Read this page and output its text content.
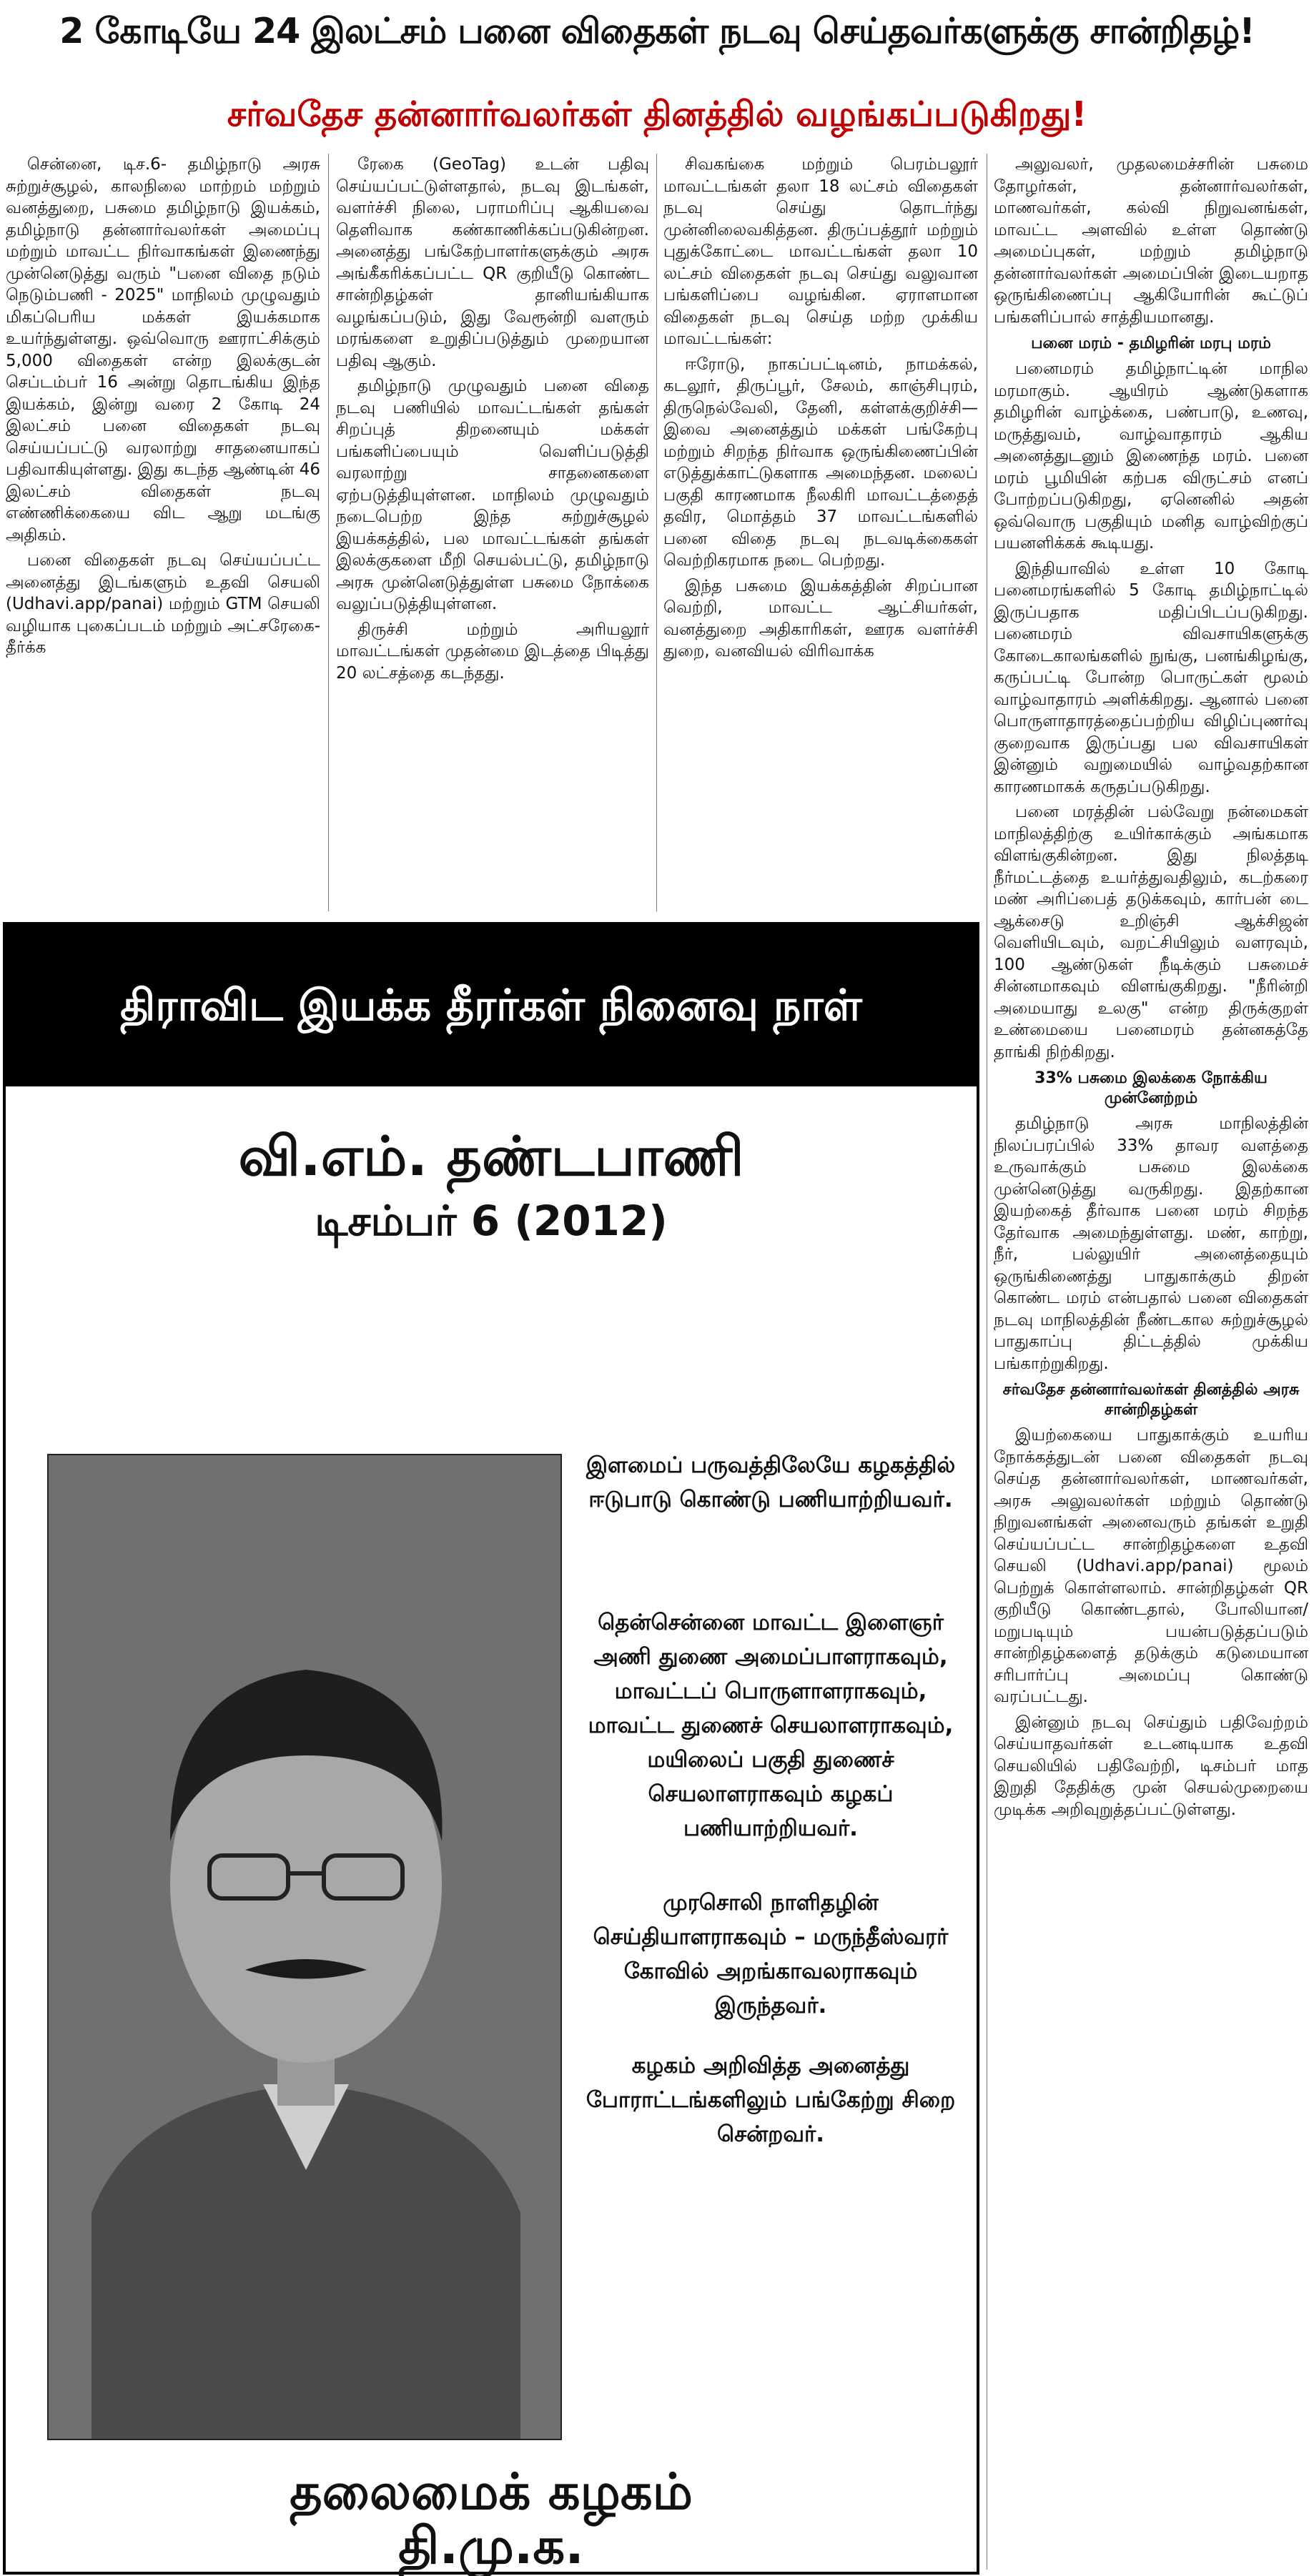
2 கோடியே 24 இலட்சம் பனை விதைகள் நடவு செய்தவர்களுக்கு சான்றிதழ்!
சர்வதேச தன்னார்வலர்கள் தினத்தில் வழங்கப்படுகிறது!

சென்னை, டிச.6- தமிழ்நாடு அரசு சுற்றுச்சூழல், காலநிலை மாற்றம் மற்றும் வனத்துறை, பசுமை தமிழ்நாடு இயக்கம், தமிழ்நாடு தன்னார்வலர்கள் அமைப்பு மற்றும் மாவட்ட நிர்வாகங்கள் இணைந்து முன்னெடுத்து வரும் "பனை விதை நடும் நெடும்பணி - 2025" மாநிலம் முழுவதும் மிகப்பெரிய மக்கள் இயக்கமாக உயர்ந்துள்ளது. ஒவ்வொரு ஊராட்சிக்கும் 5,000 விதைகள் என்ற இலக்குடன் செப்டம்பர் 16 அன்று தொடங்கிய இந்த இயக்கம், இன்று வரை 2 கோடி 24 இலட்சம் பனை விதைகள் நடவு செய்யப்பட்டு வரலாற்று சாதனையாகப் பதிவாகியுள்ளது. இது கடந்த ஆண்டின் 46 இலட்சம் விதைகள் நடவு எண்ணிக்கையை விட ஆறு மடங்கு அதிகம்.

பனை விதைகள் நடவு செய்யப்பட்ட அனைத்து இடங்களும் உதவி செயலி (Udhavi.app/panai) மற்றும் GTM செயலி வழியாக புகைப்படம் மற்றும் அட்சரேகை-தீர்க்க

ரேகை (GeoTag) உடன் பதிவு செய்யப்பட்டுள்ளதால், நடவு இடங்கள், வளர்ச்சி நிலை, பராமரிப்பு ஆகியவை தெளிவாக கண்காணிக்கப்படுகின்றன. அனைத்து பங்கேற்பாளர்களுக்கும் அரசு அங்கீகரிக்கப்பட்ட QR குறியீடு கொண்ட சான்றிதழ்கள் தானியங்கியாக வழங்கப்படும், இது வேரூன்றி வளரும் மரங்களை உறுதிப்படுத்தும் முறையான பதிவு ஆகும்.

தமிழ்நாடு முழுவதும் பனை விதை நடவு பணியில் மாவட்டங்கள் தங்கள் சிறப்புத் திறனையும் மக்கள் பங்களிப்பையும் வெளிப்படுத்தி வரலாற்று சாதனைகளை ஏற்படுத்தியுள்ளன. மாநிலம் முழுவதும் நடைபெற்ற இந்த சுற்றுச்சூழல் இயக்கத்தில், பல மாவட்டங்கள் தங்கள் இலக்குகளை மீறி செயல்பட்டு, தமிழ்நாடு அரசு முன்னெடுத்துள்ள பசுமை நோக்கை வலுப்படுத்தியுள்ளன.

திருச்சி மற்றும் அரியலூர் மாவட்டங்கள் முதன்மை இடத்தை பிடித்து 20 லட்சத்தை கடந்தது.

சிவகங்கை மற்றும் பெரம்பலூர் மாவட்டங்கள் தலா 18 லட்சம் விதைகள் நடவு செய்து தொடர்ந்து முன்னிலைவகித்தன. திருப்பத்தூர் மற்றும் புதுக்கோட்டை மாவட்டங்கள் தலா 10 லட்சம் விதைகள் நடவு செய்து வலுவான பங்களிப்பை வழங்கின. ஏராளமான விதைகள் நடவு செய்த மற்ற முக்கிய மாவட்டங்கள்:

ஈரோடு, நாகப்பட்டினம், நாமக்கல், கடலூர், திருப்பூர், சேலம், காஞ்சிபுரம், திருநெல்வேலி, தேனி, கள்ளக்குறிச்சி—இவை அனைத்தும் மக்கள் பங்கேற்பு மற்றும் சிறந்த நிர்வாக ஒருங்கிணைப்பின் எடுத்துக்காட்டுகளாக அமைந்தன. மலைப் பகுதி காரணமாக நீலகிரி மாவட்டத்தைத் தவிர, மொத்தம் 37 மாவட்டங்களில் பனை விதை நடவு நடவடிக்கைகள் வெற்றிகரமாக நடை பெற்றது.

இந்த பசுமை இயக்கத்தின் சிறப்பான வெற்றி, மாவட்ட ஆட்சியர்கள், வனத்துறை அதிகாரிகள், ஊரக வளர்ச்சி துறை, வனவியல் விரிவாக்க

அலுவலர், முதலமைச்சரின் பசுமை தோழர்கள், தன்னார்வலர்கள், மாணவர்கள், கல்வி நிறுவனங்கள், மாவட்ட அளவில் உள்ள தொண்டு அமைப்புகள், மற்றும் தமிழ்நாடு தன்னார்வலர்கள் அமைப்பின் இடையறாத ஒருங்கிணைப்பு ஆகியோரின் கூட்டுப் பங்களிப்பால் சாத்தியமானது.

பனை மரம் - தமிழரின் மரபு மரம்

பனைமரம் தமிழ்நாட்டின் மாநில மரமாகும். ஆயிரம் ஆண்டுகளாக தமிழரின் வாழ்க்கை, பண்பாடு, உணவு, மருத்துவம், வாழ்வாதாரம் ஆகிய அனைத்துடனும் இணைந்த மரம். பனை மரம் பூமியின் கற்பக விருட்சம் எனப் போற்றப்படுகிறது, ஏனெனில் அதன் ஒவ்வொரு பகுதியும் மனித வாழ்விற்குப் பயனளிக்கக் கூடியது.

இந்தியாவில் உள்ள 10 கோடி பனைமரங்களில் 5 கோடி தமிழ்நாட்டில் இருப்பதாக மதிப்பிடப்படுகிறது. பனைமரம் விவசாயிகளுக்கு கோடைகாலங்களில் நுங்கு, பனங்கிழங்கு, கருப்பட்டி போன்ற பொருட்கள் மூலம் வாழ்வாதாரம் அளிக்கிறது. ஆனால் பனை பொருளாதாரத்தைப்பற்றிய விழிப்புணர்வு குறைவாக இருப்பது பல விவசாயிகள் இன்னும் வறுமையில் வாழ்வதற்கான காரணமாகக் கருதப்படுகிறது.

பனை மரத்தின் பல்வேறு நன்மைகள் மாநிலத்திற்கு உயிர்காக்கும் அங்கமாக விளங்குகின்றன. இது நிலத்தடி நீர்மட்டத்தை உயர்த்துவதிலும், கடற்கரை மண் அரிப்பைத் தடுக்கவும், கார்பன் டை ஆக்சைடு உறிஞ்சி ஆக்சிஜன் வெளியிடவும், வறட்சியிலும் வளரவும், 100 ஆண்டுகள் நீடிக்கும் பசுமைச் சின்னமாகவும் விளங்குகிறது. "நீரின்றி அமையாது உலகு" என்ற திருக்குறள் உண்மையை பனைமரம் தன்னகத்தே தாங்கி நிற்கிறது.

33% பசுமை இலக்கை நோக்கிய முன்னேற்றம்

தமிழ்நாடு அரசு மாநிலத்தின் நிலப்பரப்பில் 33% தாவர வளத்தை உருவாக்கும் பசுமை இலக்கை முன்னெடுத்து வருகிறது. இதற்கான இயற்கைத் தீர்வாக பனை மரம் சிறந்த தேர்வாக அமைந்துள்ளது. மண், காற்று, நீர், பல்லுயிர் அனைத்தையும் ஒருங்கிணைத்து பாதுகாக்கும் திறன் கொண்ட மரம் என்பதால் பனை விதைகள் நடவு மாநிலத்தின் நீண்டகால சுற்றுச்சூழல் பாதுகாப்பு திட்டத்தில் முக்கிய பங்காற்றுகிறது.

சர்வதேச தன்னார்வலர்கள் தினத்தில் அரசு சான்றிதழ்கள்

இயற்கையை பாதுகாக்கும் உயரிய நோக்கத்துடன் பனை விதைகள் நடவு செய்த தன்னார்வலர்கள், மாணவர்கள், அரசு அலுவலர்கள் மற்றும் தொண்டு நிறுவனங்கள் அனைவரும் தங்கள் உறுதி செய்யப்பட்ட சான்றிதழ்களை உதவி செயலி (Udhavi.app/panai) மூலம் பெற்றுக் கொள்ளலாம். சான்றிதழ்கள் QR குறியீடு கொண்டதால், போலியான/மறுபடியும் பயன்படுத்தப்படும் சான்றிதழ்களைத் தடுக்கும் கடுமையான சரிபார்ப்பு அமைப்பு கொண்டு வரப்பட்டது.

இன்னும் நடவு செய்தும் பதிவேற்றம் செய்யாதவர்கள் உடனடியாக உதவி செயலியில் பதிவேற்றி, டிசம்பர் மாத இறுதி தேதிக்கு முன் செயல்முறையை முடிக்க அறிவுறுத்தப்பட்டுள்ளது.

திராவிட இயக்க தீரர்கள் நினைவு நாள்
வி.எம். தண்டபாணி
டிசம்பர் 6 (2012)
இளமைப் பருவத்திலேயே கழகத்தில் ஈடுபாடு கொண்டு பணியாற்றியவர்.
தென்சென்னை மாவட்ட இளைஞர் அணி துணை அமைப்பாளராகவும், மாவட்டப் பொருளாளராகவும், மாவட்ட துணைச் செயலாளராகவும், மயிலைப் பகுதி துணைச் செயலாளராகவும் கழகப் பணியாற்றியவர்.
முரசொலி நாளிதழின் செய்தியாளராகவும் – மருந்தீஸ்வரர் கோவில் அறங்காவலராகவும் இருந்தவர்.
கழகம் அறிவித்த அனைத்து போராட்டங்களிலும் பங்கேற்று சிறை சென்றவர்.
தலைமைக் கழகம்
தி.மு.க.
